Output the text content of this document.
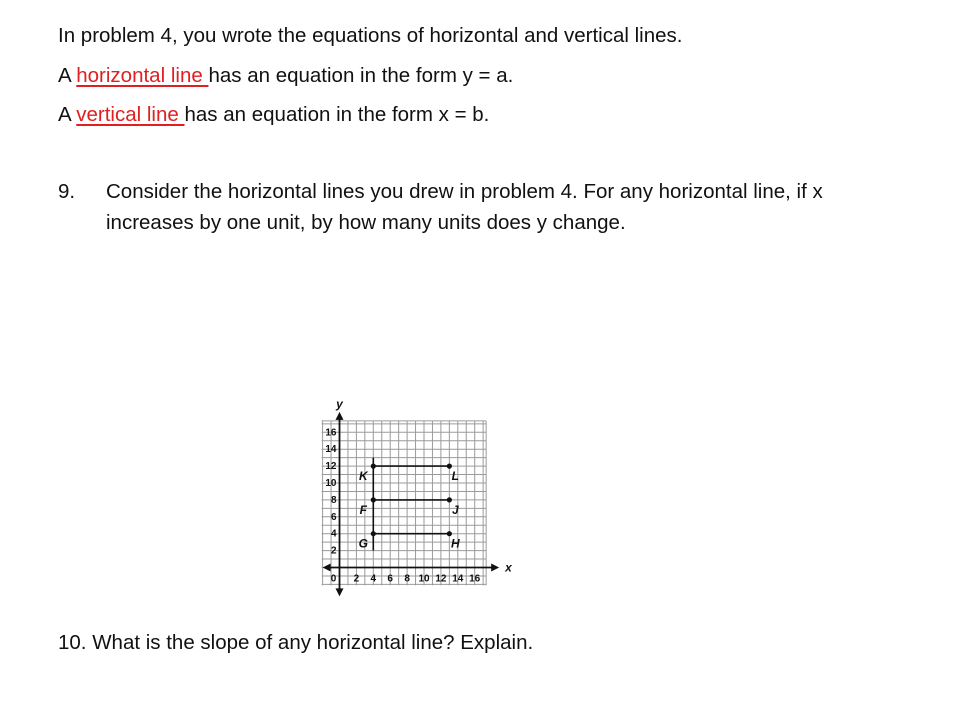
In problem 4, you wrote the equations of horizontal and vertical lines.
A horizontal line has an equation in the form y = a.
A vertical line has an equation in the form x = b.
9. Consider the horizontal lines you drew in problem 4. For any horizontal line, if x increases by one unit, by how many units does y change.
2 4 6 8 10 12 14 16
2
4
6
8
10
12
14
16
0
K	L
F	J
G	H
x
y
10. What is the slope of any horizontal line? Explain.
